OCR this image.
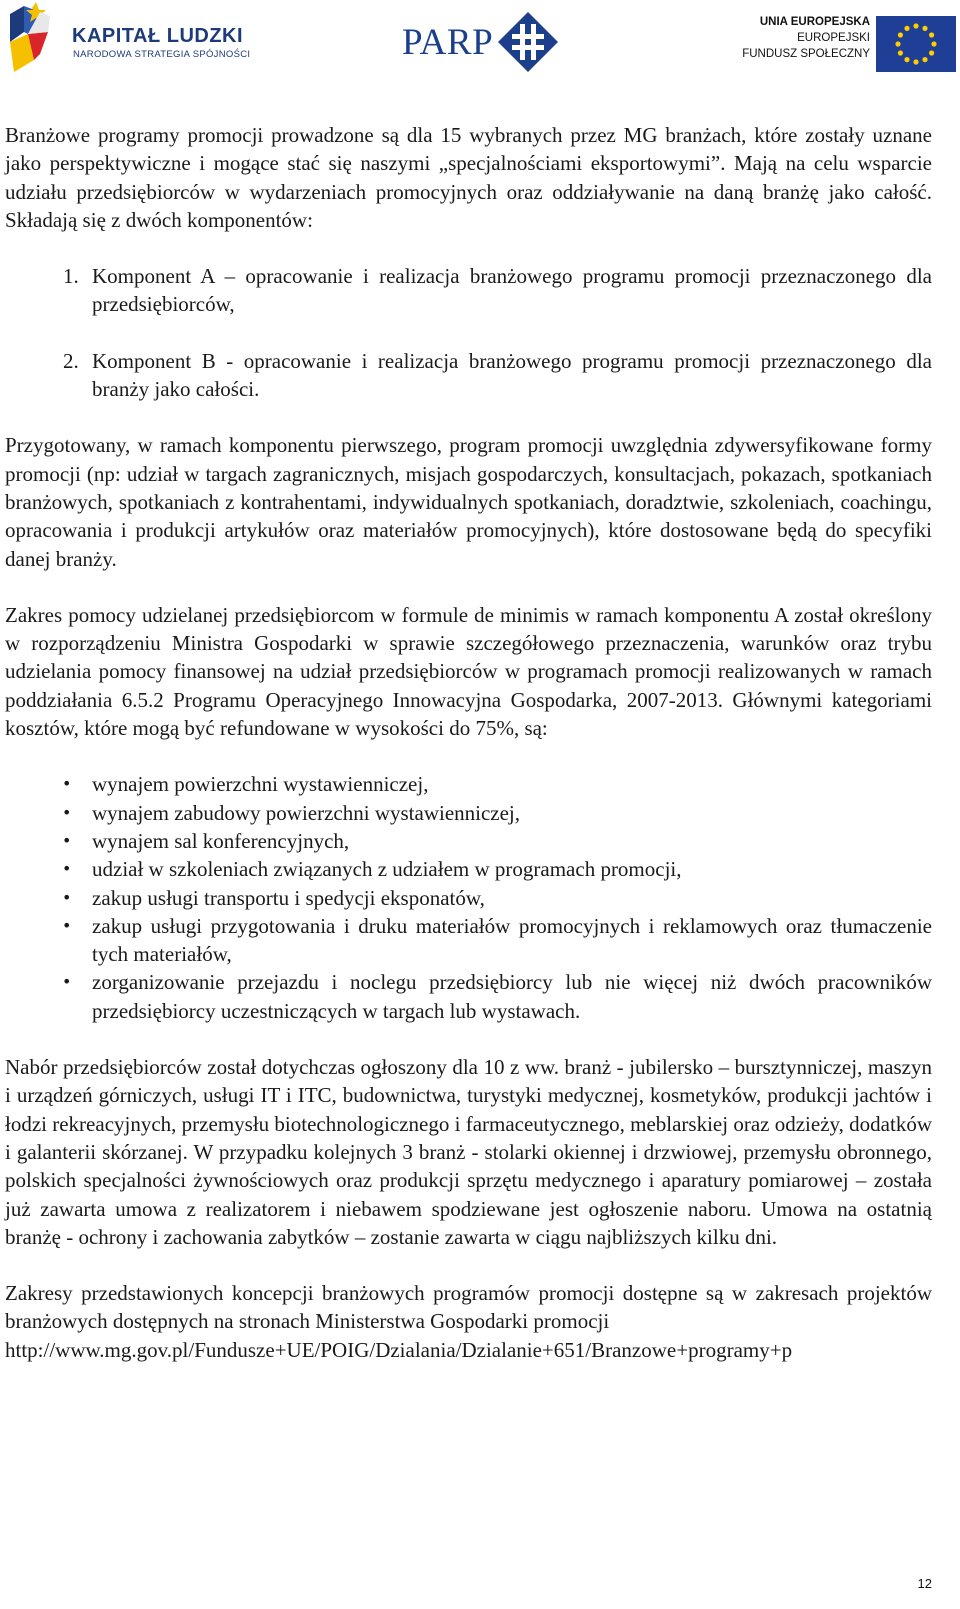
KAPITAŁ LUDZKI
NARODOWA STRATEGIA SPÓJNOŚCI	PARP	UNIA EUROPEJSKA
EUROPEJSKI
FUNDUSZ SPOŁECZNY

Branżowe programy promocji prowadzone są dla 15 wybranych przez MG branżach, które zostały uznane jako perspektywiczne i mogące stać się naszymi „specjalnościami eksportowymi”. Mają na celu wsparcie udziału przedsiębiorców w wydarzeniach promocyjnych oraz oddziaływanie na daną branżę jako całość. Składają się z dwóch komponentów:

1. Komponent A – opracowanie i realizacja branżowego programu promocji przeznaczonego dla przedsiębiorców,
2. Komponent B - opracowanie i realizacja branżowego programu promocji przeznaczonego dla branży jako całości.

Przygotowany, w ramach komponentu pierwszego, program promocji uwzględnia zdywersyfikowane formy promocji (np: udział w targach zagranicznych, misjach gospodarczych, konsultacjach, pokazach, spotkaniach branżowych, spotkaniach z kontrahentami, indywidualnych spotkaniach, doradztwie, szkoleniach, coachingu, opracowania i produkcji artykułów oraz materiałów promocyjnych), które dostosowane będą do specyfiki danej branży.

Zakres pomocy udzielanej przedsiębiorcom w formule de minimis w ramach komponentu A został określony w rozporządzeniu Ministra Gospodarki w sprawie szczegółowego przeznaczenia, warunków oraz trybu udzielania pomocy finansowej na udział przedsiębiorców w programach promocji realizowanych w ramach poddziałania 6.5.2 Programu Operacyjnego Innowacyjna Gospodarka, 2007-2013. Głównymi kategoriami kosztów, które mogą być refundowane w wysokości do 75%, są:

• wynajem powierzchni wystawienniczej,
• wynajem zabudowy powierzchni wystawienniczej,
• wynajem sal konferencyjnych,
• udział w szkoleniach związanych z udziałem w programach promocji,
• zakup usługi transportu i spedycji eksponatów,
• zakup usługi przygotowania i druku materiałów promocyjnych i reklamowych oraz tłumaczenie tych materiałów,
• zorganizowanie przejazdu i noclegu przedsiębiorcy lub nie więcej niż dwóch pracowników przedsiębiorcy uczestniczących w targach lub wystawach.

Nabór przedsiębiorców został dotychczas ogłoszony dla 10 z ww. branż - jubilersko – bursztynniczej, maszyn i urządzeń górniczych, usługi IT i ITC, budownictwa, turystyki medycznej, kosmetyków, produkcji jachtów i łodzi rekreacyjnych, przemysłu biotechnologicznego i farmaceutycznego, meblarskiej oraz odzieży, dodatków i galanterii skórzanej. W przypadku kolejnych 3 branż - stolarki okiennej i drzwiowej, przemysłu obronnego, polskich specjalności żywnościowych oraz produkcji sprzętu medycznego i aparatury pomiarowej – została już zawarta umowa z realizatorem i niebawem spodziewane jest ogłoszenie naboru. Umowa na ostatnią branżę - ochrony i zachowania zabytków – zostanie zawarta w ciągu najbliższych kilku dni.

Zakresy przedstawionych koncepcji branżowych programów promocji dostępne są w zakresach projektów branżowych dostępnych na stronach Ministerstwa Gospodarki promocji
http://www.mg.gov.pl/Fundusze+UE/POIG/Dzialania/Dzialanie+651/Branzowe+programy+p

12
